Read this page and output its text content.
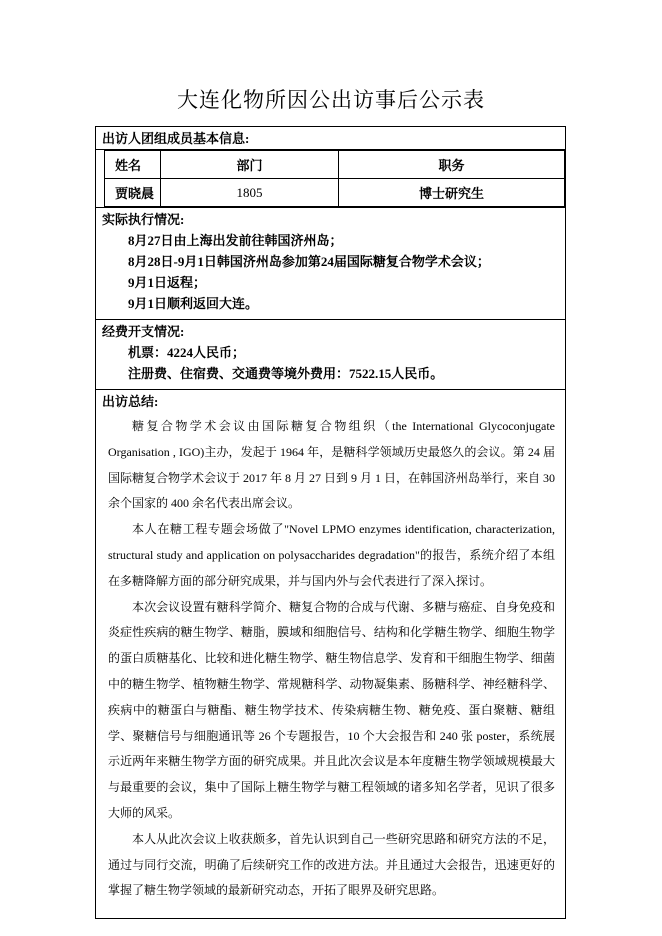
大连化物所因公出访事后公示表
出访人团组成员基本信息:
姓名	部门	职务
贾晓晨	1805	博士研究生
实际执行情况:
8月27日由上海出发前往韩国济州岛；
8月28日-9月1日韩国济州岛参加第24届国际糖复合物学术会议；
9月1日返程；
9月1日顺利返回大连。
经费开支情况:
机票：4224人民币；
注册费、住宿费、交通费等境外费用：7522.15人民币。
出访总结:

糖复合物学术会议由国际糖复合物组织（the International Glycoconjugate Organisation , IGO)主办，发起于 1964 年，是糖科学领域历史最悠久的会议。第 24 届国际糖复合物学术会议于 2017 年 8 月 27 日到 9 月 1 日，在韩国济州岛举行，来自 30 余个国家的 400 余名代表出席会议。

本人在糖工程专题会场做了"Novel LPMO enzymes identification, characterization, structural study and application on polysaccharides degradation"的报告，系统介绍了本组在多糖降解方面的部分研究成果，并与国内外与会代表进行了深入探讨。

本次会议设置有糖科学简介、糖复合物的合成与代谢、多糖与癌症、自身免疫和炎症性疾病的糖生物学、糖脂，膜域和细胞信号、结构和化学糖生物学、细胞生物学的蛋白质糖基化、比较和进化糖生物学、糖生物信息学、发育和干细胞生物学、细菌中的糖生物学、植物糖生物学、常规糖科学、动物凝集素、肠糖科学、神经糖科学、疾病中的糖蛋白与糖酯、糖生物学技术、传染病糖生物、糖免疫、蛋白聚糖、糖组学、聚糖信号与细胞通讯等 26 个专题报告，10 个大会报告和 240 张 poster，系统展示近两年来糖生物学方面的研究成果。并且此次会议是本年度糖生物学领域规模最大与最重要的会议，集中了国际上糖生物学与糖工程领域的诸多知名学者，见识了很多大师的风采。

本人从此次会议上收获颇多，首先认识到自己一些研究思路和研究方法的不足，通过与同行交流，明确了后续研究工作的改进方法。并且通过大会报告，迅速更好的掌握了糖生物学领域的最新研究动态，开拓了眼界及研究思路。
